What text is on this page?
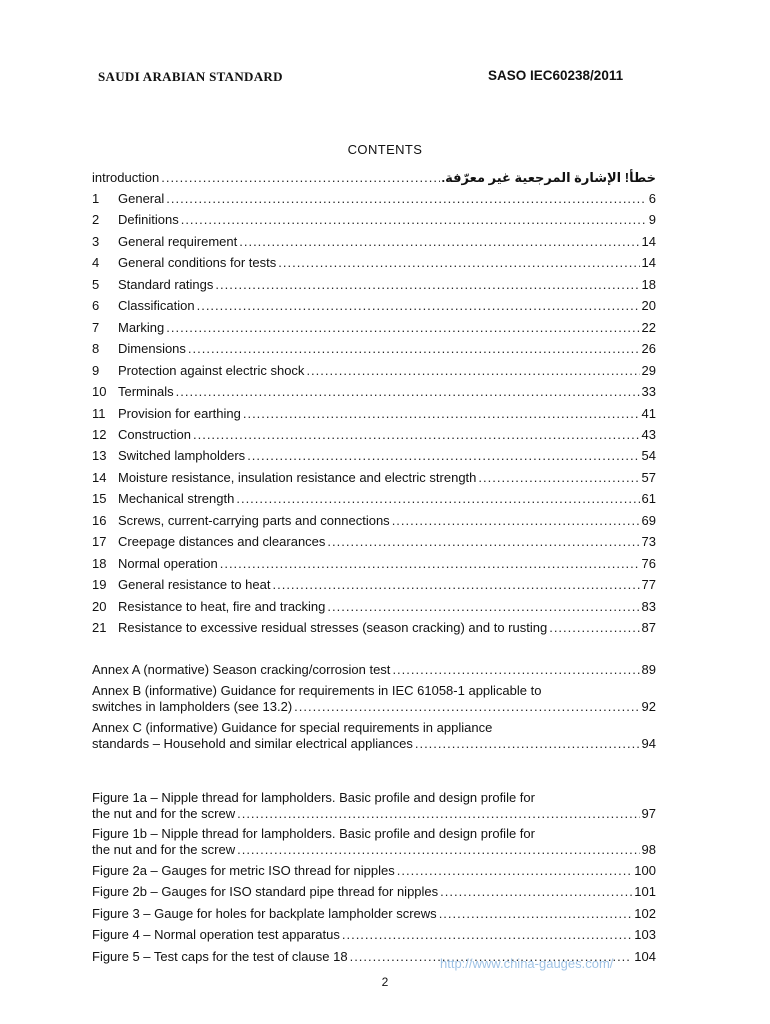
SAUDI ARABIAN STANDARD	SASO IEC60238/2011
CONTENTS
introduction .....	خطأ! الإشارة المرجعية غير معرّفة.
1	General .....	6
2	Definitions .....	9
3	General requirement .....	14
4	General conditions for tests .....	14
5	Standard ratings .....	18
6	Classification .....	20
7	Marking .....	22
8	Dimensions .....	26
9	Protection against electric shock .....	29
10 Terminals .....	33
11 Provision for earthing .....	41
12 Construction .....	43
13 Switched lampholders .....	54
14 Moisture resistance, insulation resistance and electric strength .....	57
15 Mechanical strength .....	61
16 Screws, current-carrying parts and connections .....	69
17 Creepage distances and clearances .....	73
18 Normal operation .....	76
19 General resistance to heat .....	77
20 Resistance to heat, fire and tracking .....	83
21 Resistance to excessive residual stresses (season cracking) and to rusting .....	87
Annex A (normative) Season cracking/corrosion test .....	89
Annex B (informative) Guidance for requirements in IEC 61058-1 applicable to
switches in lampholders (see 13.2) .....	92
Annex C (informative) Guidance for special requirements in appliance
standards – Household and similar electrical appliances .....	94
Figure 1a – Nipple thread for lampholders. Basic profile and design profile for
the nut and for the screw .....	97
Figure 1b – Nipple thread for lampholders. Basic profile and design profile for
the nut and for the screw .....	98
Figure 2a – Gauges for metric ISO thread for nipples .....	100
Figure 2b – Gauges for ISO standard pipe thread for nipples .....	101
Figure 3 – Gauge for holes for backplate lampholder screws .....	102
Figure 4 – Normal operation test apparatus .....	103
Figure 5 – Test caps for the test of clause 18 .....	104
2
http://www.china-gauges.com/
